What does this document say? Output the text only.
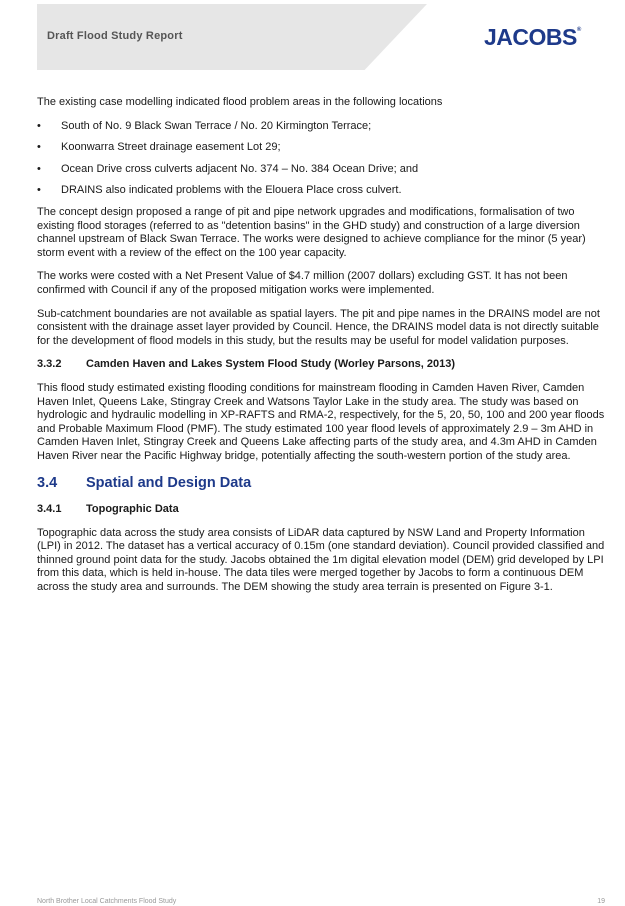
Draft Flood Study Report	JACOBS®

The existing case modelling indicated flood problem areas in the following locations

• South of No. 9 Black Swan Terrace / No. 20 Kirmington Terrace;
• Koonwarra Street drainage easement Lot 29;
• Ocean Drive cross culverts adjacent No. 374 – No. 384 Ocean Drive; and
• DRAINS also indicated problems with the Elouera Place cross culvert.

The concept design proposed a range of pit and pipe network upgrades and modifications, formalisation of two existing flood storages (referred to as "detention basins" in the GHD study) and construction of a large diversion channel upstream of Black Swan Terrace. The works were designed to achieve compliance for the minor (5 year) storm event with a review of the effect on the 100 year capacity.

The works were costed with a Net Present Value of $4.7 million (2007 dollars) excluding GST. It has not been confirmed with Council if any of the proposed mitigation works were implemented.

Sub-catchment boundaries are not available as spatial layers. The pit and pipe names in the DRAINS model are not consistent with the drainage asset layer provided by Council. Hence, the DRAINS model data is not directly suitable for the development of flood models in this study, but the results may be useful for model validation purposes.

3.3.2	Camden Haven and Lakes System Flood Study (Worley Parsons, 2013)

This flood study estimated existing flooding conditions for mainstream flooding in Camden Haven River, Camden Haven Inlet, Queens Lake, Stingray Creek and Watsons Taylor Lake in the study area. The study was based on hydrologic and hydraulic modelling in XP-RAFTS and RMA-2, respectively, for the 5, 20, 50, 100 and 200 year floods and Probable Maximum Flood (PMF). The study estimated 100 year flood levels of approximately 2.9 – 3m AHD in Camden Haven Inlet, Stingray Creek and Queens Lake affecting parts of the study area, and 4.3m AHD in Camden Haven River near the Pacific Highway bridge, potentially affecting the south-western portion of the study area.

3.4	Spatial and Design Data
3.4.1	Topographic Data

Topographic data across the study area consists of LiDAR data captured by NSW Land and Property Information (LPI) in 2012. The dataset has a vertical accuracy of 0.15m (one standard deviation). Council provided classified and thinned ground point data for the study. Jacobs obtained the 1m digital elevation model (DEM) grid developed by LPI from this data, which is held in-house. The data tiles were merged together by Jacobs to form a continuous DEM across the study area and surrounds. The DEM showing the study area terrain is presented on Figure 3-1.

North Brother Local Catchments Flood Study	19
